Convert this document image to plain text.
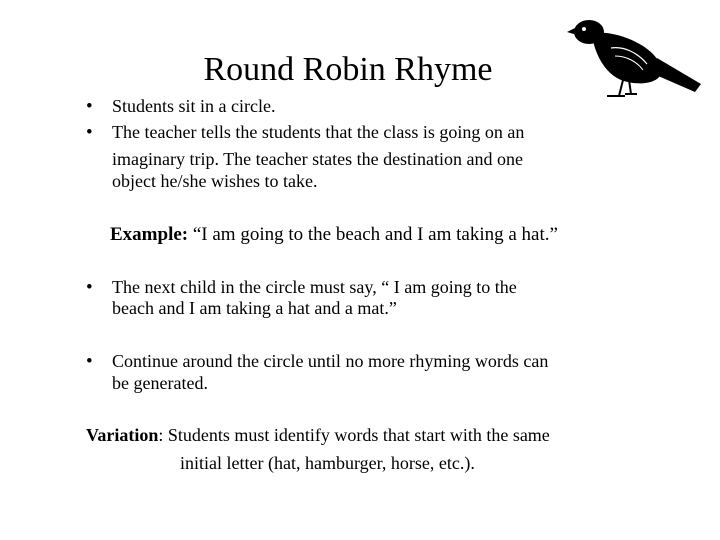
Round Robin Rhyme
• Students sit in a circle.
• The teacher tells the students that the class is going on an
imaginary trip. The teacher states the destination and one
object he/she wishes to take.
Example: “I am going to the beach and I am taking a hat.”
• The next child in the circle must say, “ I am going to the
beach and I am taking a hat and a mat.”
• Continue around the circle until no more rhyming words can
be generated.
Variation: Students must identify words that start with the same
initial letter (hat, hamburger, horse, etc.).
